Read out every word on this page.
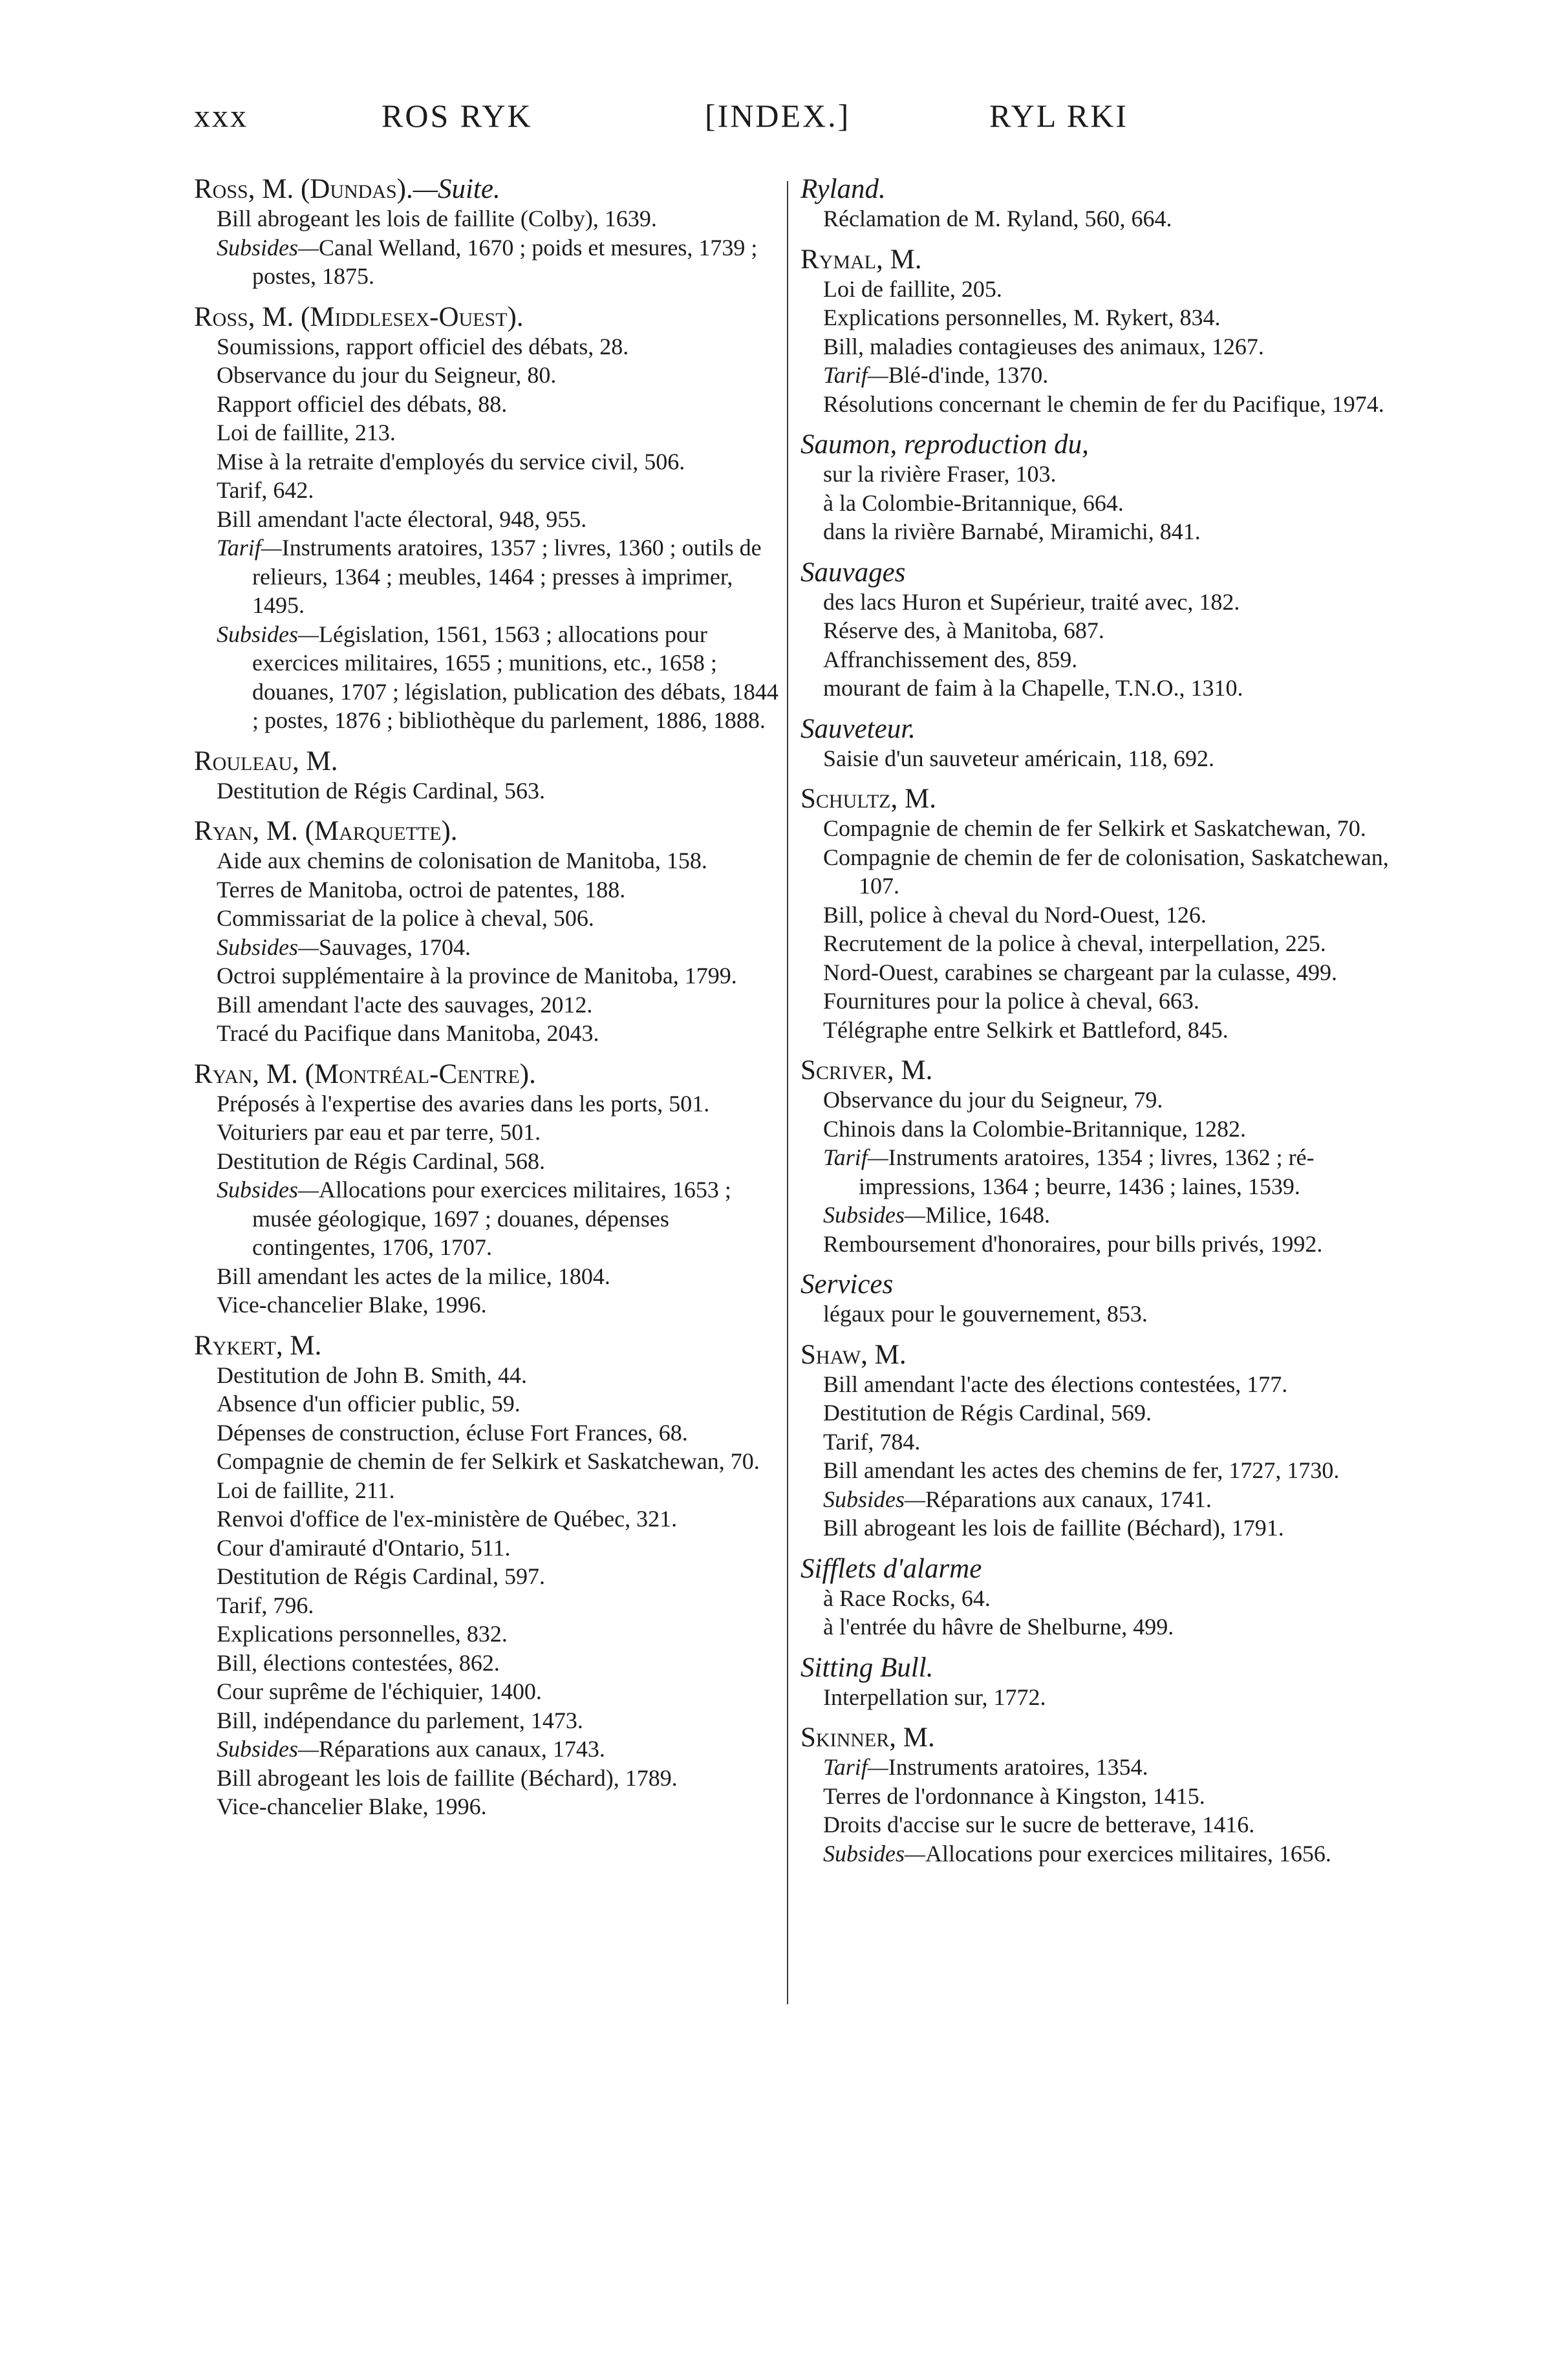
xxx	ROS RYK	[INDEX.]	RYL RKI
Ross, M. (Dundas).—Suite.
Bill abrogeant les lois de faillite (Colby), 1639.
Subsides—Canal Welland, 1670 ; poids et mesures, 1739 ; postes, 1875.
Ross, M. (Middlesex-Ouest).
Soumissions, rapport officiel des débats, 28.
Observance du jour du Seigneur, 80.
Rapport officiel des débats, 88.
Loi de faillite, 213.
Mise à la retraite d'employés du service civil, 506.
Tarif, 642.
Bill amendant l'acte électoral, 948, 955.
Tarif—Instruments aratoires, 1357 ; livres, 1360 ; outils de relieurs, 1364 ; meubles, 1464 ; presses à imprimer, 1495.
Subsides—Législation, 1561, 1563 ; allocations pour exercices militaires, 1655 ; munitions, etc., 1658 ; douanes, 1707 ; législation, publication des débats, 1844 ; postes, 1876 ; bibliothèque du parlement, 1886, 1888.
Rouleau, M.
Destitution de Régis Cardinal, 563.
Ryan, M. (Marquette).
Aide aux chemins de colonisation de Manitoba, 158.
Terres de Manitoba, octroi de patentes, 188.
Commissariat de la police à cheval, 506.
Subsides—Sauvages, 1704.
Octroi supplémentaire à la province de Manitoba, 1799.
Bill amendant l'acte des sauvages, 2012.
Tracé du Pacifique dans Manitoba, 2043.
Ryan, M. (Montréal-Centre).
Préposés à l'expertise des avaries dans les ports, 501.
Voituriers par eau et par terre, 501.
Destitution de Régis Cardinal, 568.
Subsides—Allocations pour exercices militaires, 1653 ; musée géologique, 1697 ; douanes, dépenses contingentes, 1706, 1707.
Bill amendant les actes de la milice, 1804.
Vice-chancelier Blake, 1996.
Rykert, M.
Destitution de John B. Smith, 44.
Absence d'un officier public, 59.
Dépenses de construction, écluse Fort Frances, 68.
Compagnie de chemin de fer Selkirk et Saskatchewan, 70.
Loi de faillite, 211.
Renvoi d'office de l'ex-ministère de Québec, 321.
Cour d'amirauté d'Ontario, 511.
Destitution de Régis Cardinal, 597.
Tarif, 796.
Explications personnelles, 832.
Bill, élections contestées, 862.
Cour suprême de l'échiquier, 1400.
Bill, indépendance du parlement, 1473.
Subsides—Réparations aux canaux, 1743.
Bill abrogeant les lois de faillite (Béchard), 1789.
Vice-chancelier Blake, 1996.
Ryland.
Réclamation de M. Ryland, 560, 664.
Rymal, M.
Loi de faillite, 205.
Explications personnelles, M. Rykert, 834.
Bill, maladies contagieuses des animaux, 1267.
Tarif—Blé-d'inde, 1370.
Résolutions concernant le chemin de fer du Pacifique, 1974.
Saumon, reproduction du,
sur la rivière Fraser, 103.
à la Colombie-Britannique, 664.
dans la rivière Barnabé, Miramichi, 841.
Sauvages
des lacs Huron et Supérieur, traité avec, 182.
Réserve des, à Manitoba, 687.
Affranchissement des, 859.
mourant de faim à la Chapelle, T.N.O., 1310.
Sauveteur.
Saisie d'un sauveteur américain, 118, 692.
Schultz, M.
Compagnie de chemin de fer Selkirk et Saskatchewan, 70.
Compagnie de chemin de fer de colonisation, Saskatchewan, 107.
Bill, police à cheval du Nord-Ouest, 126.
Recrutement de la police à cheval, interpellation, 225.
Nord-Ouest, carabines se chargeant par la culasse, 499.
Fournitures pour la police à cheval, 663.
Télégraphe entre Selkirk et Battleford, 845.
Scriver, M.
Observance du jour du Seigneur, 79.
Chinois dans la Colombie-Britannique, 1282.
Tarif—Instruments aratoires, 1354 ; livres, 1362 ; ré-impressions, 1364 ; beurre, 1436 ; laines, 1539.
Subsides—Milice, 1648.
Remboursement d'honoraires, pour bills privés, 1992.
Services
légaux pour le gouvernement, 853.
Shaw, M.
Bill amendant l'acte des élections contestées, 177.
Destitution de Régis Cardinal, 569.
Tarif, 784.
Bill amendant les actes des chemins de fer, 1727, 1730.
Subsides—Réparations aux canaux, 1741.
Bill abrogeant les lois de faillite (Béchard), 1791.
Sifflets d'alarme
à Race Rocks, 64.
à l'entrée du hâvre de Shelburne, 499.
Sitting Bull.
Interpellation sur, 1772.
Skinner, M.
Tarif—Instruments aratoires, 1354.
Terres de l'ordonnance à Kingston, 1415.
Droits d'accise sur le sucre de betterave, 1416.
Subsides—Allocations pour exercices militaires, 1656.
